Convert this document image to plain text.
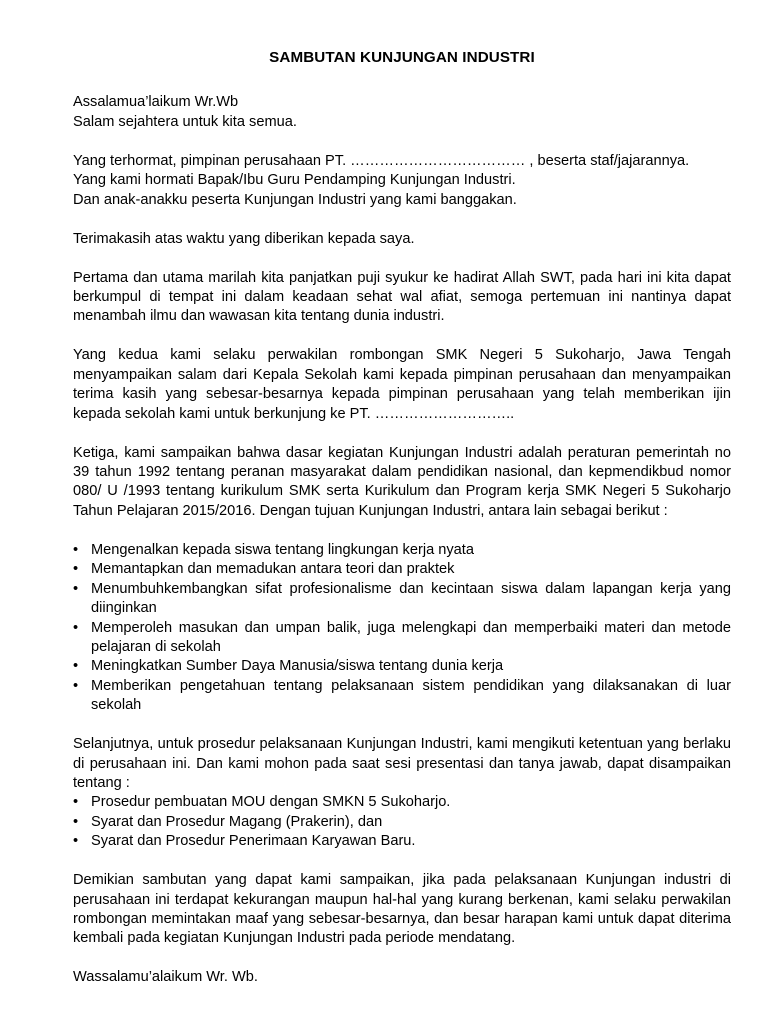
SAMBUTAN KUNJUNGAN INDUSTRI
Assalamua’laikum Wr.Wb
Salam sejahtera untuk kita semua.
Yang terhormat, pimpinan perusahaan PT. ……………………………… , beserta staf/jajarannya.
Yang kami hormati Bapak/Ibu Guru Pendamping Kunjungan Industri.
Dan anak-anakku peserta Kunjungan Industri yang kami banggakan.
Terimakasih atas waktu yang diberikan kepada saya.
Pertama dan utama marilah kita panjatkan puji syukur ke hadirat Allah SWT, pada hari ini kita dapat berkumpul di tempat ini dalam keadaan sehat wal afiat, semoga pertemuan ini nantinya dapat menambah ilmu dan wawasan kita tentang dunia industri.
Yang kedua kami selaku perwakilan rombongan SMK Negeri 5 Sukoharjo, Jawa Tengah menyampaikan salam dari Kepala Sekolah kami kepada pimpinan perusahaan dan menyampaikan terima kasih yang sebesar-besarnya kepada pimpinan perusahaan yang telah memberikan ijin kepada sekolah kami untuk berkunjung ke PT. ………………………..
Ketiga, kami sampaikan bahwa dasar kegiatan Kunjungan Industri adalah peraturan pemerintah no 39 tahun 1992 tentang peranan masyarakat dalam pendidikan nasional, dan kepmendikbud nomor 080/ U /1993 tentang kurikulum SMK serta Kurikulum dan Program kerja SMK Negeri 5 Sukoharjo Tahun Pelajaran 2015/2016. Dengan tujuan Kunjungan Industri, antara lain sebagai berikut :
• Mengenalkan kepada siswa tentang lingkungan kerja nyata
• Memantapkan dan memadukan antara teori dan praktek
• Menumbuhkembangkan sifat profesionalisme dan kecintaan siswa dalam lapangan kerja yang diinginkan
• Memperoleh masukan dan umpan balik, juga melengkapi dan memperbaiki materi dan metode pelajaran di sekolah
• Meningkatkan Sumber Daya Manusia/siswa tentang dunia kerja
• Memberikan pengetahuan tentang pelaksanaan sistem pendidikan yang dilaksanakan di luar sekolah
Selanjutnya, untuk prosedur pelaksanaan Kunjungan Industri, kami mengikuti ketentuan yang berlaku di perusahaan ini. Dan kami mohon pada saat sesi presentasi dan tanya jawab, dapat disampaikan tentang :
• Prosedur pembuatan MOU dengan SMKN 5 Sukoharjo.
• Syarat dan Prosedur Magang (Prakerin), dan
• Syarat dan Prosedur Penerimaan Karyawan Baru.
Demikian sambutan yang dapat kami sampaikan, jika pada pelaksanaan Kunjungan industri di perusahaan ini terdapat kekurangan maupun hal-hal yang kurang berkenan, kami selaku perwakilan rombongan memintakan maaf yang sebesar-besarnya, dan besar harapan kami untuk dapat diterima kembali pada kegiatan Kunjungan Industri pada periode mendatang.
Wassalamu’alaikum Wr. Wb.
